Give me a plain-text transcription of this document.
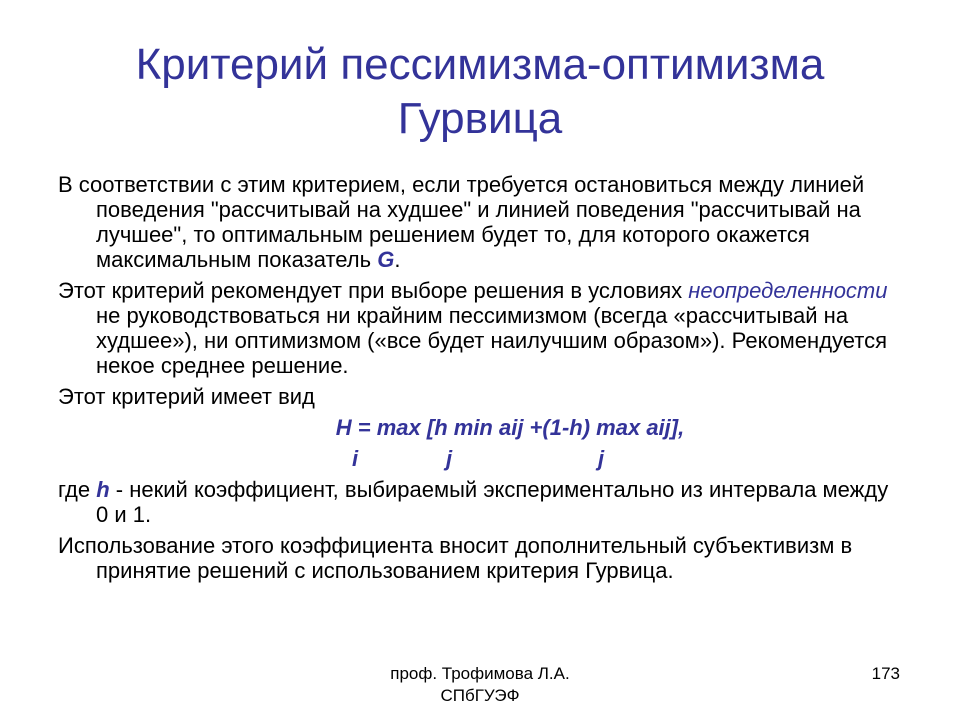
Критерий пессимизма-оптимизма
Гурвица
В соответствии с этим критерием, если требуется остановиться между линией поведения "рассчитывай на худшее" и линией поведения "рассчитывай на лучшее", то оптимальным решением будет то, для которого окажется максимальным показатель G.
Этот критерий рекомендует при выборе решения в условиях неопределенности не руководствоваться ни крайним пессимизмом (всегда «рассчитывай на худшее»), ни оптимизмом («все будет наилучшим образом»). Рекомендуется некое среднее решение.
Этот критерий имеет вид
H = max [h min aij +(1-h) max aij],
i	j	j
где h - некий коэффициент, выбираемый экспериментально из интервала между 0 и 1.
Использование этого коэффициента вносит дополнительный субъективизм в принятие решений с использованием критерия Гурвица.
проф. Трофимова Л.А.
СПбГУЭФ
173
